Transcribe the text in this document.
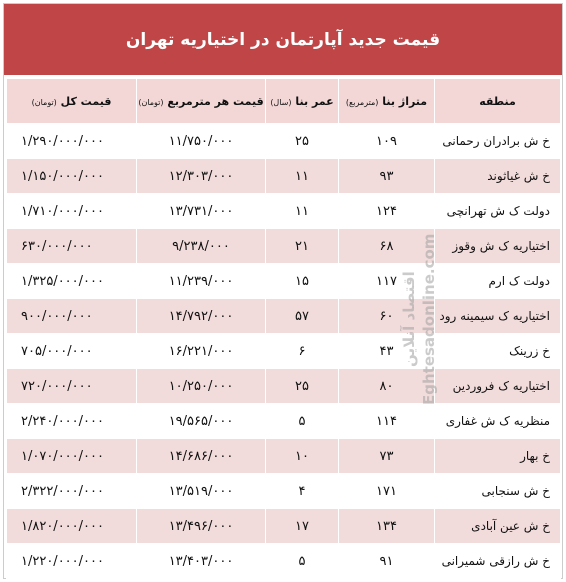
قیمت جدید آپارتمان در اختیاریه تهران
منطقه	متراژ بنا (مترمربع)	عمر بنا (سال)	قیمت هر مترمربع (تومان)	قیمت کل (تومان)
خ ش برادران رحمانی	۱۰۹	۲۵	۱۱/۷۵۰/۰۰۰	۱/۲۹۰/۰۰۰/۰۰۰
خ ش غیاثوند	۹۳	۱۱	۱۲/۳۰۳/۰۰۰	۱/۱۵۰/۰۰۰/۰۰۰
دولت ک ش تهرانچی	۱۲۴	۱۱	۱۳/۷۳۱/۰۰۰	۱/۷۱۰/۰۰۰/۰۰۰
اختیاریه ک ش وقوز	۶۸	۲۱	۹/۲۳۸/۰۰۰	۶۳۰/۰۰۰/۰۰۰
دولت ک ارم	۱۱۷	۱۵	۱۱/۲۳۹/۰۰۰	۱/۳۲۵/۰۰۰/۰۰۰
اختیاریه ک سیمینه رود	۶۰	۵۷	۱۴/۷۹۲/۰۰۰	۹۰۰/۰۰۰/۰۰۰
خ زرینک	۴۳	۶	۱۶/۲۲۱/۰۰۰	۷۰۵/۰۰۰/۰۰۰
اختیاریه ک فروردین	۸۰	۲۵	۱۰/۲۵۰/۰۰۰	۷۲۰/۰۰۰/۰۰۰
منظریه ک ش غفاری	۱۱۴	۵	۱۹/۵۶۵/۰۰۰	۲/۲۴۰/۰۰۰/۰۰۰
خ بهار	۷۳	۱۰	۱۴/۶۸۶/۰۰۰	۱/۰۷۰/۰۰۰/۰۰۰
خ ش سنجابی	۱۷۱	۴	۱۳/۵۱۹/۰۰۰	۲/۳۲۲/۰۰۰/۰۰۰
خ ش عین آبادی	۱۳۴	۱۷	۱۳/۴۹۶/۰۰۰	۱/۸۲۰/۰۰۰/۰۰۰
خ ش رازقی شمیرانی	۹۱	۵	۱۳/۴۰۳/۰۰۰	۱/۲۲۰/۰۰۰/۰۰۰
اقتصاد آنلاین Eghtesadonline.com
